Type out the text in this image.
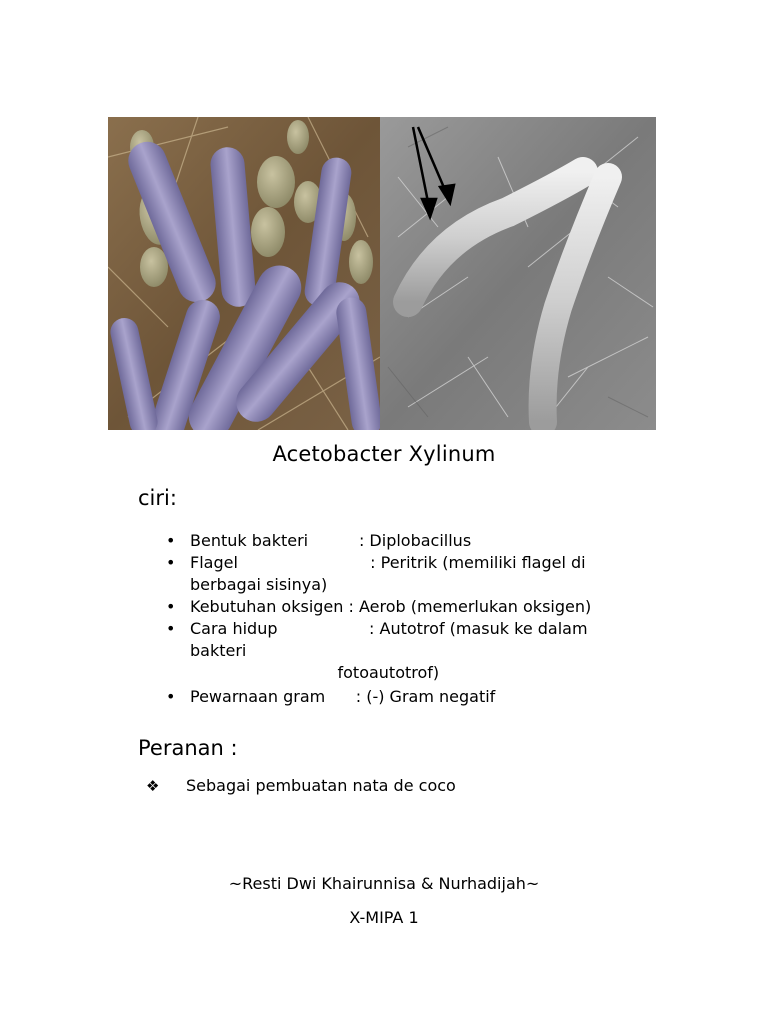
Acetobacter Xylinum
ciri:
• Bentuk bakteri          : Diplobacillus
• Flagel                          : Peritrik (memiliki flagel di
berbagai sisinya)
• Kebutuhan oksigen : Aerob (memerlukan oksigen)
• Cara hidup                  : Autotrof (masuk ke dalam
bakteri
fotoautotrof)
• Pewarnaan gram      : (-) Gram negatif
Peranan :
❖ Sebagai pembuatan nata de coco
~Resti Dwi Khairunnisa & Nurhadijah~
X-MIPA 1
